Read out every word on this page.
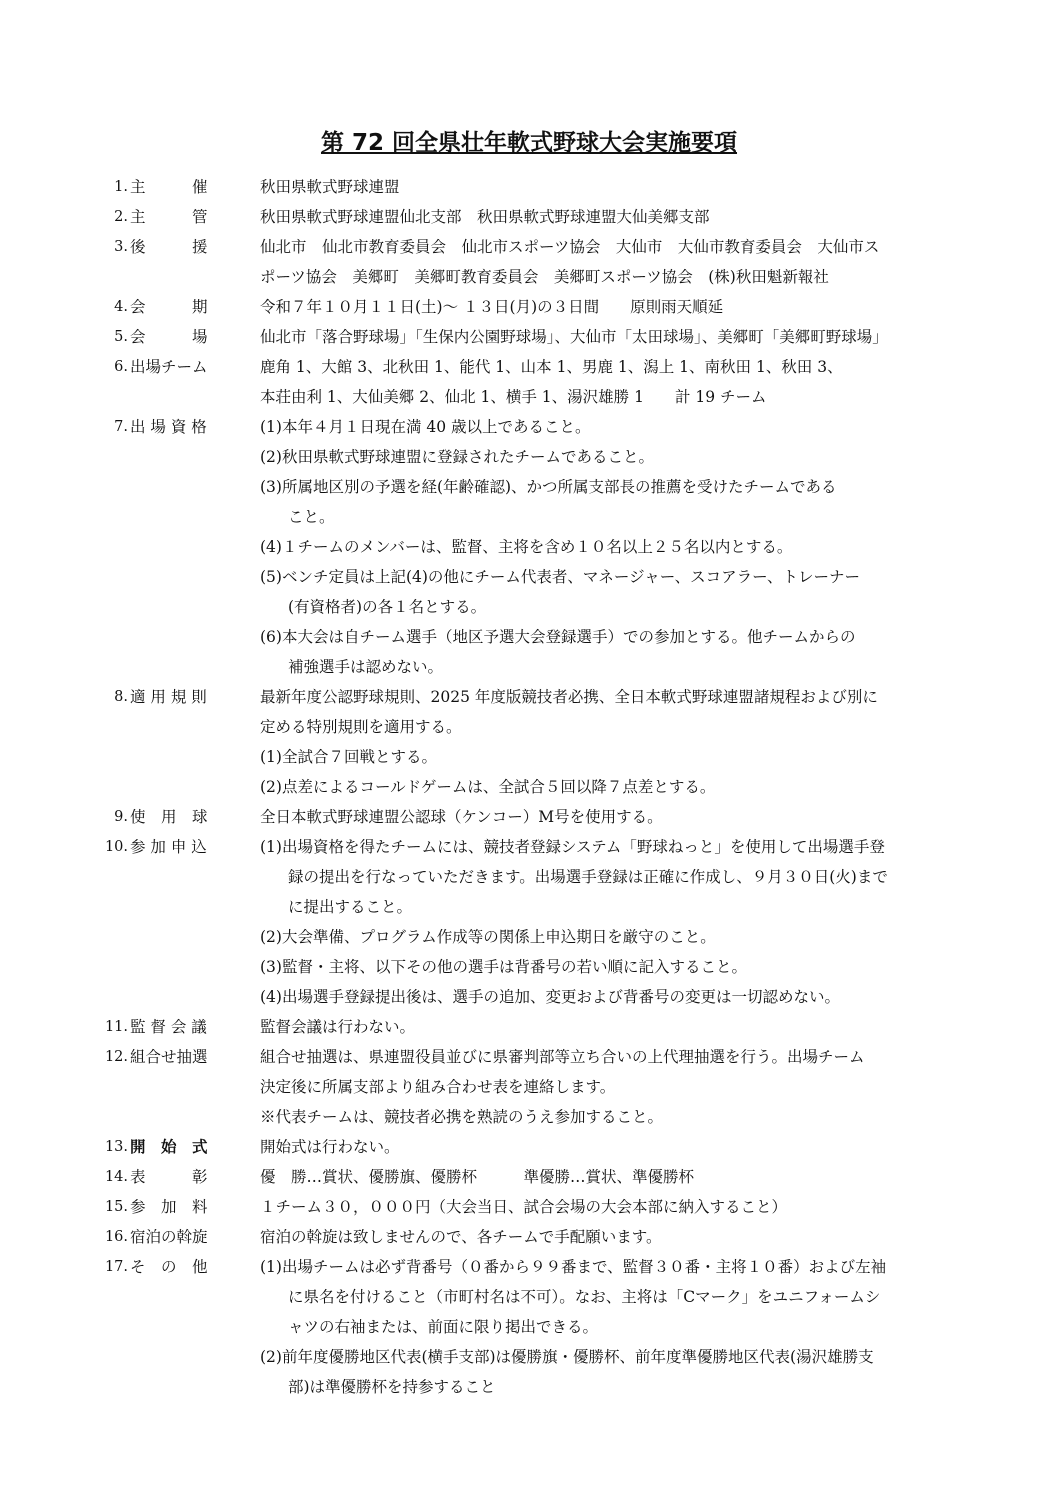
第 72 回全県壮年軟式野球大会実施要項
1. 主　　　催	秋田県軟式野球連盟
2. 主　　　管	秋田県軟式野球連盟仙北支部　秋田県軟式野球連盟大仙美郷支部
3. 後　　　援	仙北市　仙北市教育委員会　仙北市スポーツ協会　大仙市　大仙市教育委員会　大仙市ス
ポーツ協会　美郷町　美郷町教育委員会　美郷町スポーツ協会　(株)秋田魁新報社
4. 会　　　期	令和７年１０月１１日(土)～ １３日(月)の３日間　　原則雨天順延
5. 会　　　場	仙北市「落合野球場」「生保内公園野球場」、大仙市「太田球場」、美郷町「美郷町野球場」
6. 出場チーム	鹿角 1、大館 3、北秋田 1、能代 1、山本 1、男鹿 1、潟上 1、南秋田 1、秋田 3、
本荘由利 1、大仙美郷 2、仙北 1、横手 1、湯沢雄勝 1　　計 19 チーム
7. 出 場 資 格	(1)本年４月１日現在満 40 歳以上であること。
(2)秋田県軟式野球連盟に登録されたチームであること。
(3)所属地区別の予選を経(年齢確認)、かつ所属支部長の推薦を受けたチームである
こと。
(4)１チームのメンバーは、監督、主将を含め１０名以上２５名以内とする。
(5)ベンチ定員は上記(4)の他にチーム代表者、マネージャー、スコアラー、トレーナー
(有資格者)の各１名とする。
(6)本大会は自チーム選手（地区予選大会登録選手）での参加とする。他チームからの
補強選手は認めない。
8. 適 用 規 則	最新年度公認野球規則、2025 年度版競技者必携、全日本軟式野球連盟諸規程および別に
定める特別規則を適用する。
(1)全試合７回戦とする。
(2)点差によるコールドゲームは、全試合５回以降７点差とする。
9. 使　用　球	全日本軟式野球連盟公認球（ケンコー）M号を使用する。
10. 参 加 申 込	(1)出場資格を得たチームには、競技者登録システム「野球ねっと」を使用して出場選手登
録の提出を行なっていただきます。出場選手登録は正確に作成し、９月３０日(火)まで
に提出すること。
(2)大会準備、プログラム作成等の関係上申込期日を厳守のこと。
(3)監督・主将、以下その他の選手は背番号の若い順に記入すること。
(4)出場選手登録提出後は、選手の追加、変更および背番号の変更は一切認めない。
11. 監 督 会 議	監督会議は行わない。
12. 組合せ抽選	組合せ抽選は、県連盟役員並びに県審判部等立ち合いの上代理抽選を行う。出場チーム
決定後に所属支部より組み合わせ表を連絡します。
※代表チームは、競技者必携を熟読のうえ参加すること。
13. 開　始　式	開始式は行わない。
14. 表　　　彰	優　勝…賞状、優勝旗、優勝杯　　　準優勝…賞状、準優勝杯
15. 参　加　料	１チーム３０，０００円（大会当日、試合会場の大会本部に納入すること）
16. 宿泊の斡旋	宿泊の斡旋は致しませんので、各チームで手配願います。
17. そ　の　他	(1)出場チームは必ず背番号（０番から９９番まで、監督３０番・主将１０番）および左袖
に県名を付けること（市町村名は不可）。なお、主将は「Cマーク」をユニフォームシ
ャツの右袖または、前面に限り掲出できる。
(2)前年度優勝地区代表(横手支部)は優勝旗・優勝杯、前年度準優勝地区代表(湯沢雄勝支
部)は準優勝杯を持参すること
